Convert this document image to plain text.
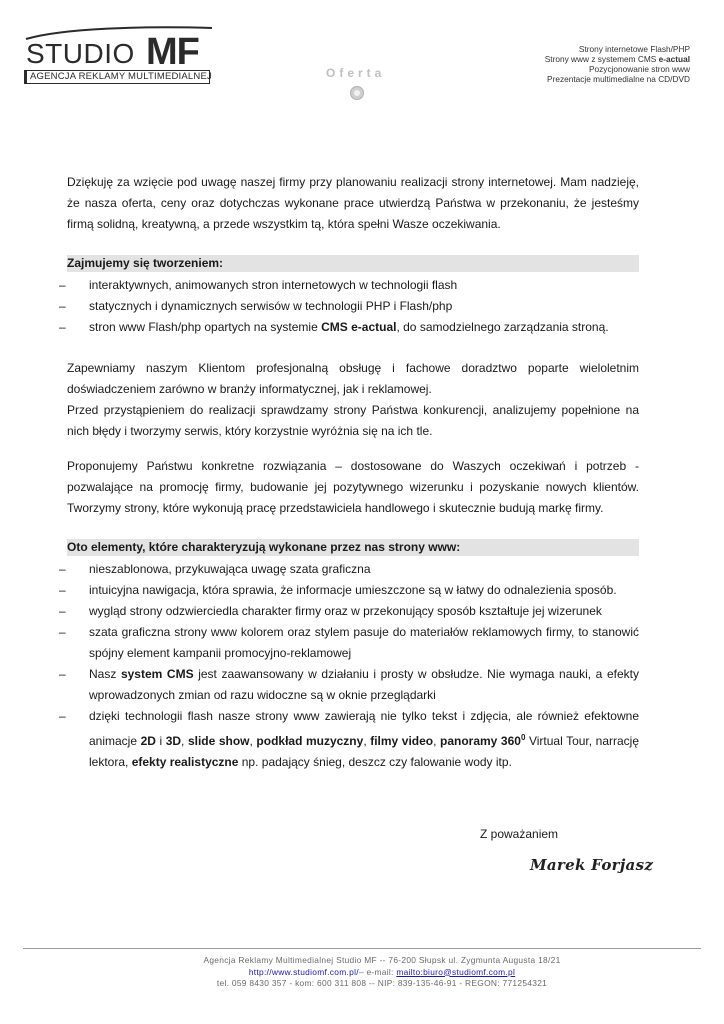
STUDIO MF
AGENCJA REKLAMY MULTIMEDIALNEJ	Oferta
Strony internetowe Flash/PHP
Strony www z systemem CMS e-actual
Pozycjonowanie stron www
Prezentacje multimedialne na CD/DVD

Dziękuję za wzięcie pod uwagę naszej firmy przy planowaniu realizacji strony internetowej. Mam nadzieję, że nasza oferta, ceny oraz dotychczas wykonane prace utwierdzą Państwa w przekonaniu, że jesteśmy firmą solidną, kreatywną, a przede wszystkim tą, która spełni Wasze oczekiwania.

Zajmujemy się tworzeniem:
– interaktywnych, animowanych stron internetowych w technologii flash
– statycznych i dynamicznych serwisów w technologii PHP i Flash/php
– stron www Flash/php opartych na systemie CMS e-actual, do samodzielnego zarządzania stroną.

Zapewniamy naszym Klientom profesjonalną obsługę i fachowe doradztwo poparte wieloletnim doświadczeniem zarówno w branży informatycznej, jak i reklamowej.

Przed przystąpieniem do realizacji sprawdzamy strony Państwa konkurencji, analizujemy popełnione na nich błędy i tworzymy serwis, który korzystnie wyróżnia się na ich tle.

Proponujemy Państwu konkretne rozwiązania – dostosowane do Waszych oczekiwań i potrzeb - pozwalające na promocję firmy, budowanie jej pozytywnego wizerunku i pozyskanie nowych klientów. Tworzymy strony, które wykonują pracę przedstawiciela handlowego i skutecznie budują markę firmy.

Oto elementy, które charakteryzują wykonane przez nas strony www:
– nieszablonowa, przykuwająca uwagę szata graficzna
– intuicyjna nawigacja, która sprawia, że informacje umieszczone są w łatwy do odnalezienia sposób.
– wygląd strony odzwierciedla charakter firmy oraz w przekonujący sposób kształtuje jej wizerunek
– szata graficzna strony www kolorem oraz stylem pasuje do materiałów reklamowych firmy, to stanowić spójny element kampanii promocyjno-reklamowej
– Nasz system CMS jest zaawansowany w działaniu i prosty w obsłudze. Nie wymaga nauki, a efekty wprowadzonych zmian od razu widoczne są w oknie przeglądarki
– dzięki technologii flash nasze strony www zawierają nie tylko tekst i zdjęcia, ale również efektowne animacje 2D i 3D, slide show, podkład muzyczny, filmy video, panoramy $360^0$ Virtual Tour, narrację lektora, efekty realistyczne np. padający śnieg, deszcz czy falowanie wody itp.
Z poważaniem
Marek Forjasz
Agencja Reklamy Multimedialnej Studio MF -- 76-200 Słupsk ul. Zygmunta Augusta 18/21
http://www.studiomf.com.pl/– e-mail: mailto:biuro@studiomf.com.pl
tel. 059 8430 357 - kom: 600 311 808 -- NIP: 839-135-46-91 - REGON: 771254321
